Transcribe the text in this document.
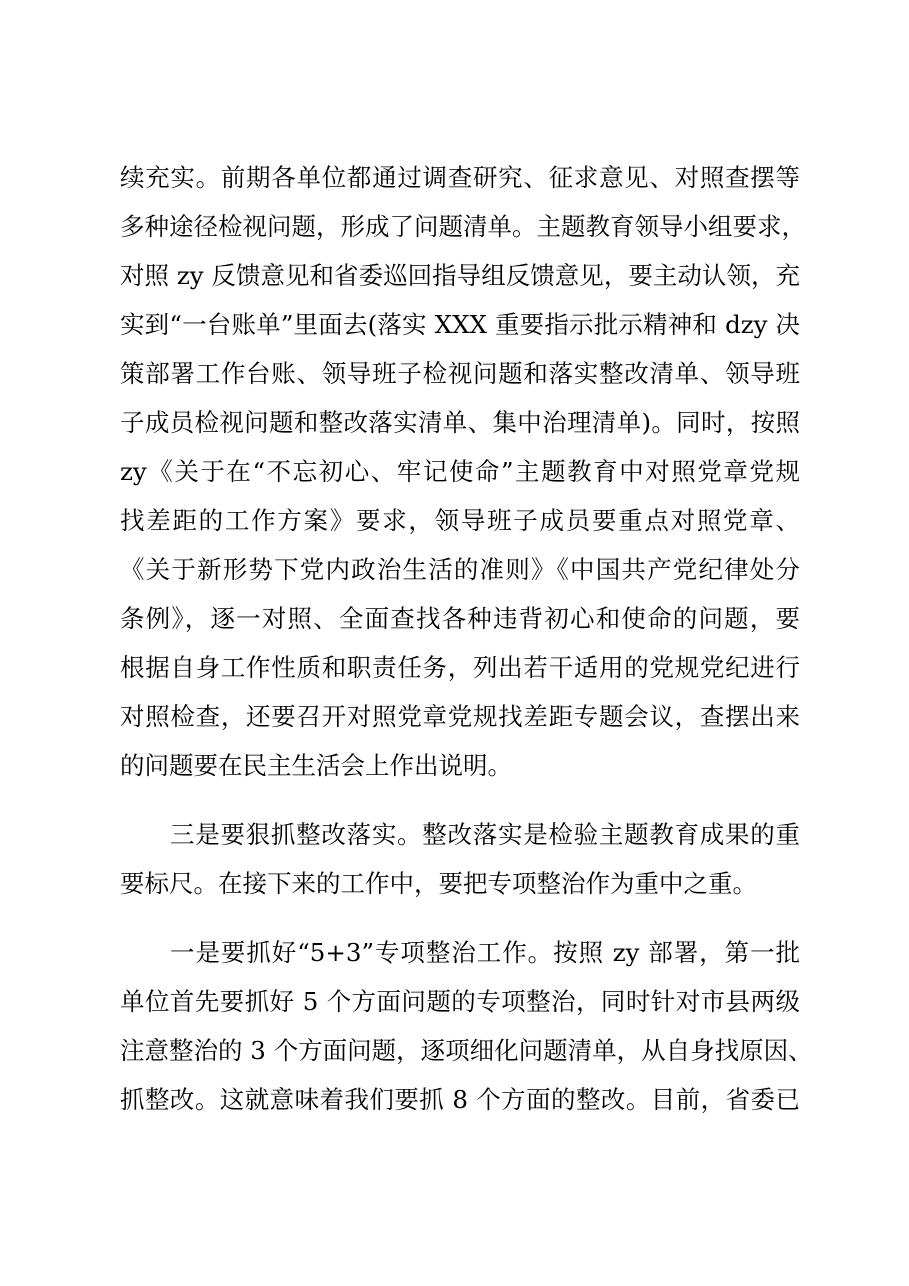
续充实。前期各单位都通过调查研究、征求意见、对照查摆等
多种途径检视问题，形成了问题清单。主题教育领导小组要求，
对照 zy 反馈意见和省委巡回指导组反馈意见，要主动认领，充
实到“一台账单”里面去(落实 XXX 重要指示批示精神和 dzy 决
策部署工作台账、领导班子检视问题和落实整改清单、领导班
子成员检视问题和整改落实清单、集中治理清单)。同时，按照
zy《关于在“不忘初心、牢记使命”主题教育中对照党章党规
找差距的工作方案》要求，领导班子成员要重点对照党章、
《关于新形势下党内政治生活的准则》《中国共产党纪律处分
条例》，逐一对照、全面查找各种违背初心和使命的问题，要
根据自身工作性质和职责任务，列出若干适用的党规党纪进行
对照检查，还要召开对照党章党规找差距专题会议，查摆出来
的问题要在民主生活会上作出说明。
三是要狠抓整改落实。整改落实是检验主题教育成果的重
要标尺。在接下来的工作中，要把专项整治作为重中之重。
一是要抓好“5+3”专项整治工作。按照 zy 部署，第一批
单位首先要抓好 5 个方面问题的专项整治，同时针对市县两级
注意整治的 3 个方面问题，逐项细化问题清单，从自身找原因、
抓整改。这就意味着我们要抓 8 个方面的整改。目前，省委已
